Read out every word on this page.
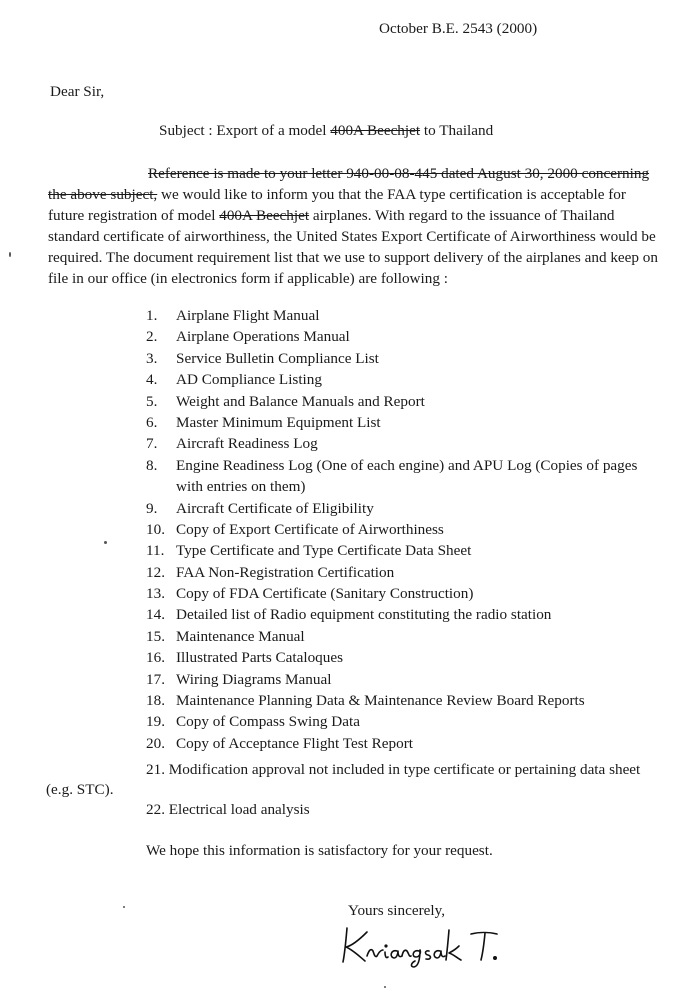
October B.E. 2543 (2000)
Dear Sir,
Subject : Export of a model 400A Beechjet to Thailand
Reference is made to your letter 940-00-08-445 dated August 30, 2000 concerning the above subject, we would like to inform you that the FAA type certification is acceptable for future registration of model 400A Beechjet airplanes. With regard to the issuance of Thailand standard certificate of airworthiness, the United States Export Certificate of Airworthiness would be required. The document requirement list that we use to support delivery of the airplanes and keep on file in our office (in electronics form if applicable) are following :
1. Airplane Flight Manual
2. Airplane Operations Manual
3. Service Bulletin Compliance List
4. AD Compliance Listing
5. Weight and Balance Manuals and Report
6. Master Minimum Equipment List
7. Aircraft Readiness Log
8. Engine Readiness Log (One of each engine) and APU Log (Copies of pages with entries on them)
9. Aircraft Certificate of Eligibility
10. Copy of Export Certificate of Airworthiness
11. Type Certificate and Type Certificate Data Sheet
12. FAA Non-Registration Certification
13. Copy of FDA Certificate (Sanitary Construction)
14. Detailed list of Radio equipment constituting the radio station
15. Maintenance Manual
16. Illustrated Parts Cataloques
17. Wiring Diagrams Manual
18. Maintenance Planning Data & Maintenance Review Board Reports
19. Copy of Compass Swing Data
20. Copy of Acceptance Flight Test Report
21. Modification approval not included in type certificate or pertaining data sheet (e.g. STC).
22. Electrical load analysis
We hope this information is satisfactory for your request.
Yours sincerely,
